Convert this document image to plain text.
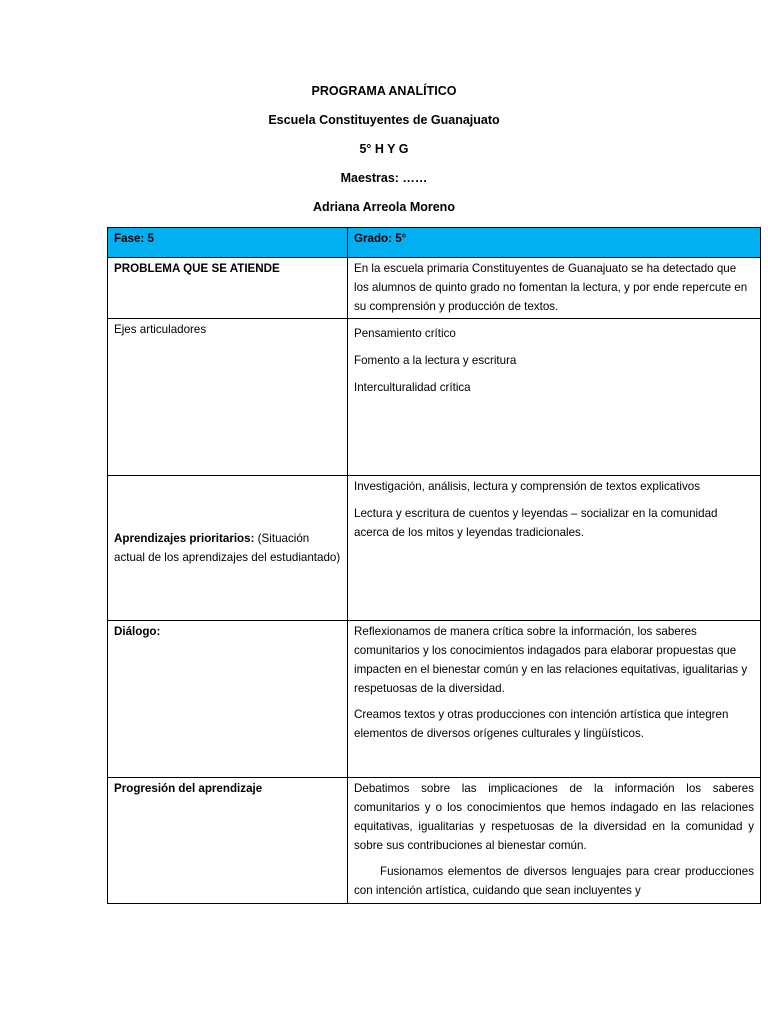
PROGRAMA ANALÍTICO
Escuela Constituyentes de Guanajuato
5° H Y G
Maestras: ……
Adriana Arreola Moreno
Fase: 5	Grado: 5°
PROBLEMA QUE SE ATIENDE	En la escuela primaria Constituyentes de Guanajuato se ha detectado que los alumnos de quinto grado no fomentan la lectura, y por ende repercute en su comprensión y producción de textos.
Ejes articuladores	Pensamiento crítico

Fomento a la lectura y escritura

Interculturalidad crítica

Aprendizajes prioritarios: (Situación actual de los aprendizajes del estudiantado)	Investigación, análisis, lectura y comprensión de textos explicativos

Lectura y escritura de cuentos y leyendas – socializar en la comunidad acerca de los mitos y leyendas tradicionales.

Diálogo:	Reflexionamos de manera crítica sobre la información, los saberes comunitarios y los conocimientos indagados para elaborar propuestas que impacten en el bienestar común y en las relaciones equitativas, igualitarias y respetuosas de la diversidad.

Creamos textos y otras producciones con intención artística que integren elementos de diversos orígenes culturales y lingüísticos.

Progresión del aprendizaje	Debatimos sobre las implicaciones de la información los saberes comunitarios y o los conocimientos que hemos indagado en las relaciones equitativas, igualitarias y respetuosas de la diversidad en la comunidad y sobre sus contribuciones al bienestar común.

Fusionamos elementos de diversos lenguajes para crear producciones con intención artística, cuidando que sean incluyentes y
